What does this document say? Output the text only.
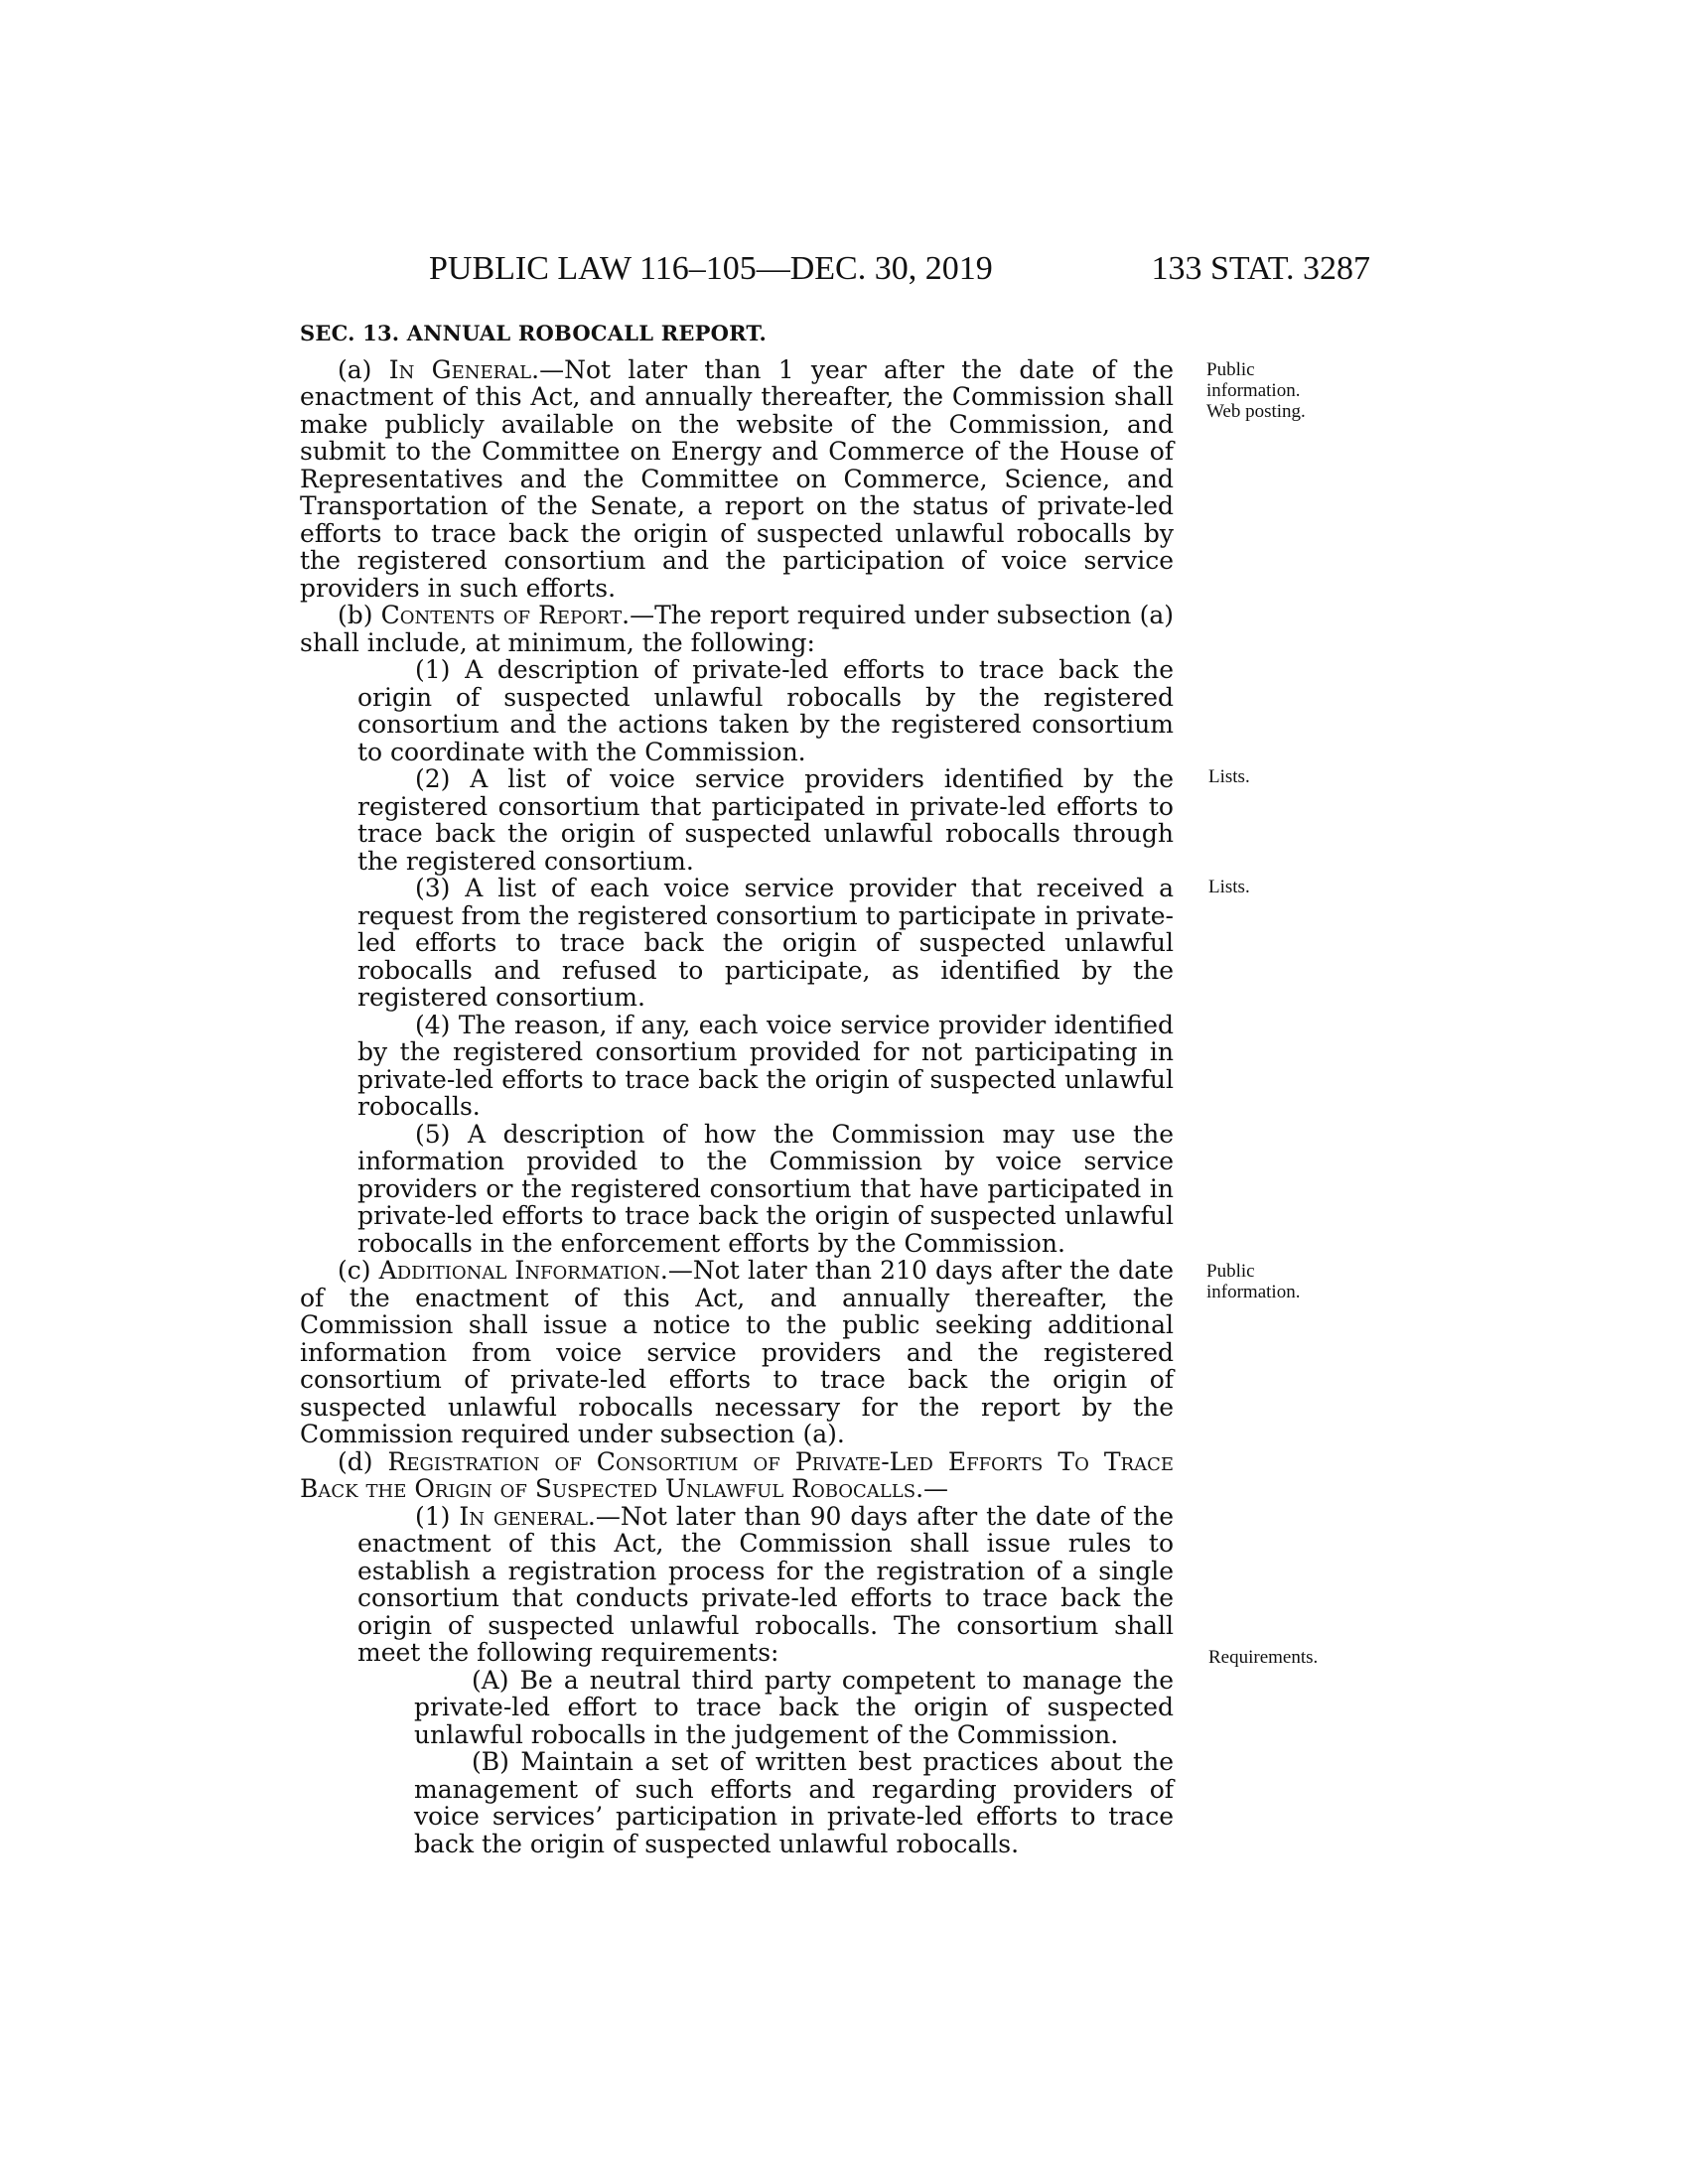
PUBLIC LAW 116–105—DEC. 30, 2019	133 STAT. 3287

SEC. 13. ANNUAL ROBOCALL REPORT.

(a) In General.—Not later than 1 year after the date of the enactment of this Act, and annually thereafter, the Commission shall make publicly available on the website of the Commission, and submit to the Committee on Energy and Commerce of the House of Representatives and the Committee on Commerce, Science, and Transportation of the Senate, a report on the status of private-led efforts to trace back the origin of suspected unlawful robocalls by the registered consortium and the participation of voice service providers in such efforts.

(b) Contents of Report.—The report required under subsection (a) shall include, at minimum, the following:

(1) A description of private-led efforts to trace back the origin of suspected unlawful robocalls by the registered consortium and the actions taken by the registered consortium to coordinate with the Commission.

(2) A list of voice service providers identified by the registered consortium that participated in private-led efforts to trace back the origin of suspected unlawful robocalls through the registered consortium.

(3) A list of each voice service provider that received a request from the registered consortium to participate in private-led efforts to trace back the origin of suspected unlawful robocalls and refused to participate, as identified by the registered consortium.

(4) The reason, if any, each voice service provider identified by the registered consortium provided for not participating in private-led efforts to trace back the origin of suspected unlawful robocalls.

(5) A description of how the Commission may use the information provided to the Commission by voice service providers or the registered consortium that have participated in private-led efforts to trace back the origin of suspected unlawful robocalls in the enforcement efforts by the Commission.

(c) Additional Information.—Not later than 210 days after the date of the enactment of this Act, and annually thereafter, the Commission shall issue a notice to the public seeking additional information from voice service providers and the registered consortium of private-led efforts to trace back the origin of suspected unlawful robocalls necessary for the report by the Commission required under subsection (a).

(d) Registration of Consortium of Private-Led Efforts To Trace Back the Origin of Suspected Unlawful Robocalls.—

(1) In general.—Not later than 90 days after the date of the enactment of this Act, the Commission shall issue rules to establish a registration process for the registration of a single consortium that conducts private-led efforts to trace back the origin of suspected unlawful robocalls. The consortium shall meet the following requirements:

(A) Be a neutral third party competent to manage the private-led effort to trace back the origin of suspected unlawful robocalls in the judgement of the Commission.

(B) Maintain a set of written best practices about the management of such efforts and regarding providers of voice services’ participation in private-led efforts to trace back the origin of suspected unlawful robocalls.

Public
information.
Web posting.
Lists.
Lists.
Public
information.
Requirements.
